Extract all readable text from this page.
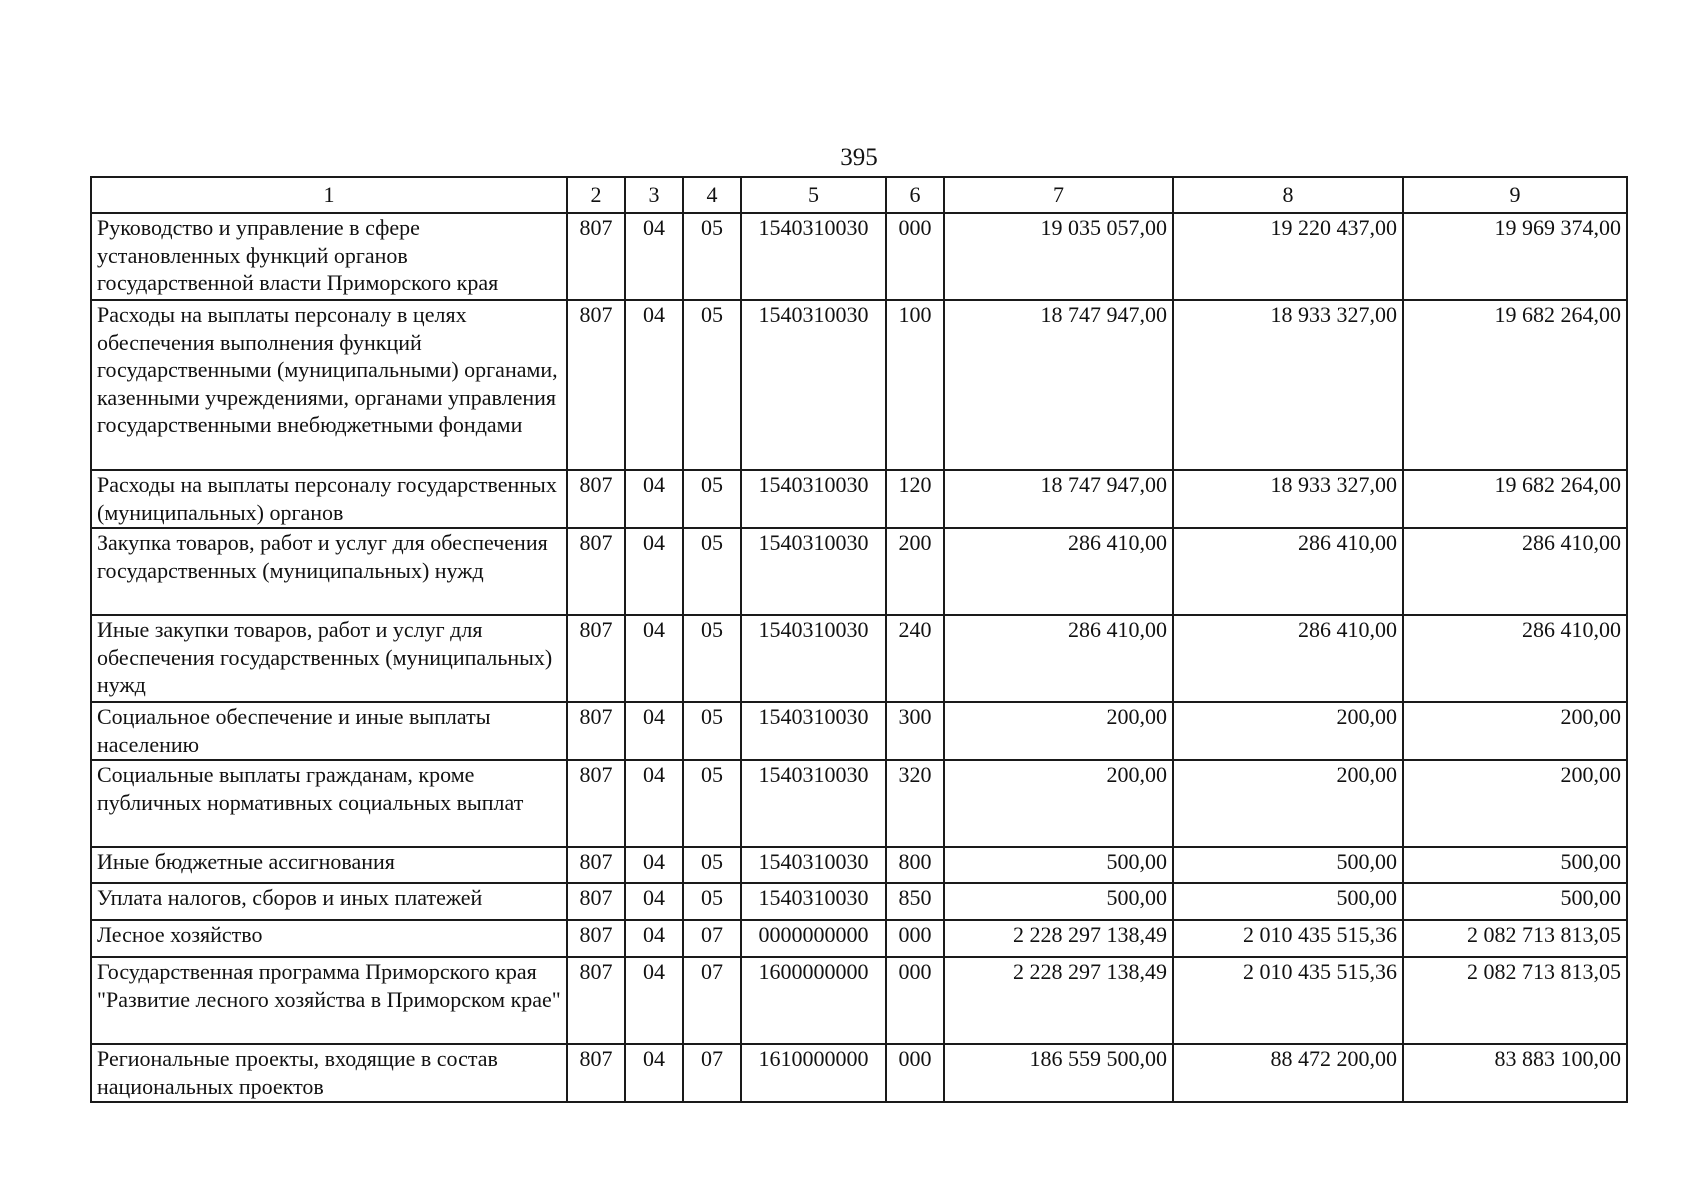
395
1	2	3	4	5	6	7	8	9
Руководство и управление в сфере установленных функций органов государственной власти Приморского края	807	04	05	1540310030	000	19 035 057,00	19 220 437,00	19 969 374,00
Расходы на выплаты персоналу в целях обеспечения выполнения функций государственными (муниципальными) органами, казенными учреждениями, органами управления государственными внебюджетными фондами	807	04	05	1540310030	100	18 747 947,00	18 933 327,00	19 682 264,00
Расходы на выплаты персоналу государственных (муниципальных) органов	807	04	05	1540310030	120	18 747 947,00	18 933 327,00	19 682 264,00
Закупка товаров, работ и услуг для обеспечения государственных (муниципальных) нужд	807	04	05	1540310030	200	286 410,00	286 410,00	286 410,00
Иные закупки товаров, работ и услуг для обеспечения государственных (муниципальных) нужд	807	04	05	1540310030	240	286 410,00	286 410,00	286 410,00
Социальное обеспечение и иные выплаты населению	807	04	05	1540310030	300	200,00	200,00	200,00
Социальные выплаты гражданам, кроме публичных нормативных социальных выплат	807	04	05	1540310030	320	200,00	200,00	200,00
Иные бюджетные ассигнования	807	04	05	1540310030	800	500,00	500,00	500,00
Уплата налогов, сборов и иных платежей	807	04	05	1540310030	850	500,00	500,00	500,00
Лесное хозяйство	807	04	07	0000000000	000	2 228 297 138,49	2 010 435 515,36	2 082 713 813,05
Государственная программа Приморского края "Развитие лесного хозяйства в Приморском крае"	807	04	07	1600000000	000	2 228 297 138,49	2 010 435 515,36	2 082 713 813,05
Региональные проекты, входящие в состав национальных проектов	807	04	07	1610000000	000	186 559 500,00	88 472 200,00	83 883 100,00
